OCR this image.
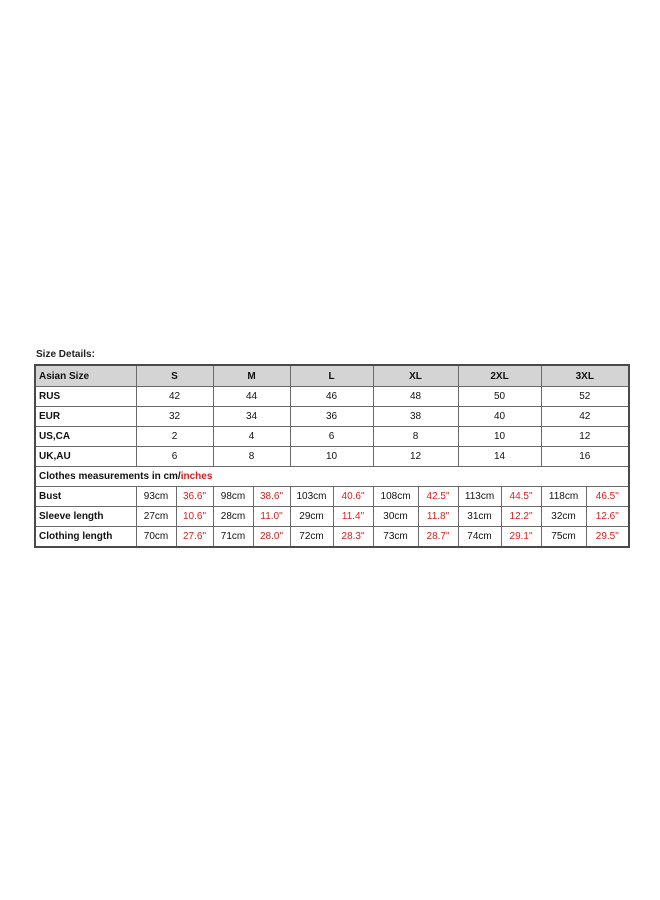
Size Details:
Asian Size	S		M		L		XL		2XL		3XL	
RUS	42		44		46		48		50		52	
EUR	32		34		36		38		40		42	
US,CA	2		4		6		8		10		12	
UK,AU	6		8		10		12		14		16	
Clothes measurements in cm/inches												
Bust	93cm	36.6"	98cm	38.6"	103cm	40.6"	108cm	42.5"	113cm	44.5"	118cm	46.5"
Sleeve length	27cm	10.6"	28cm	11.0"	29cm	11.4"	30cm	11.8"	31cm	12.2"	32cm	12.6"
Clothing length	70cm	27.6"	71cm	28.0"	72cm	28.3"	73cm	28.7"	74cm	29.1"	75cm	29.5"
